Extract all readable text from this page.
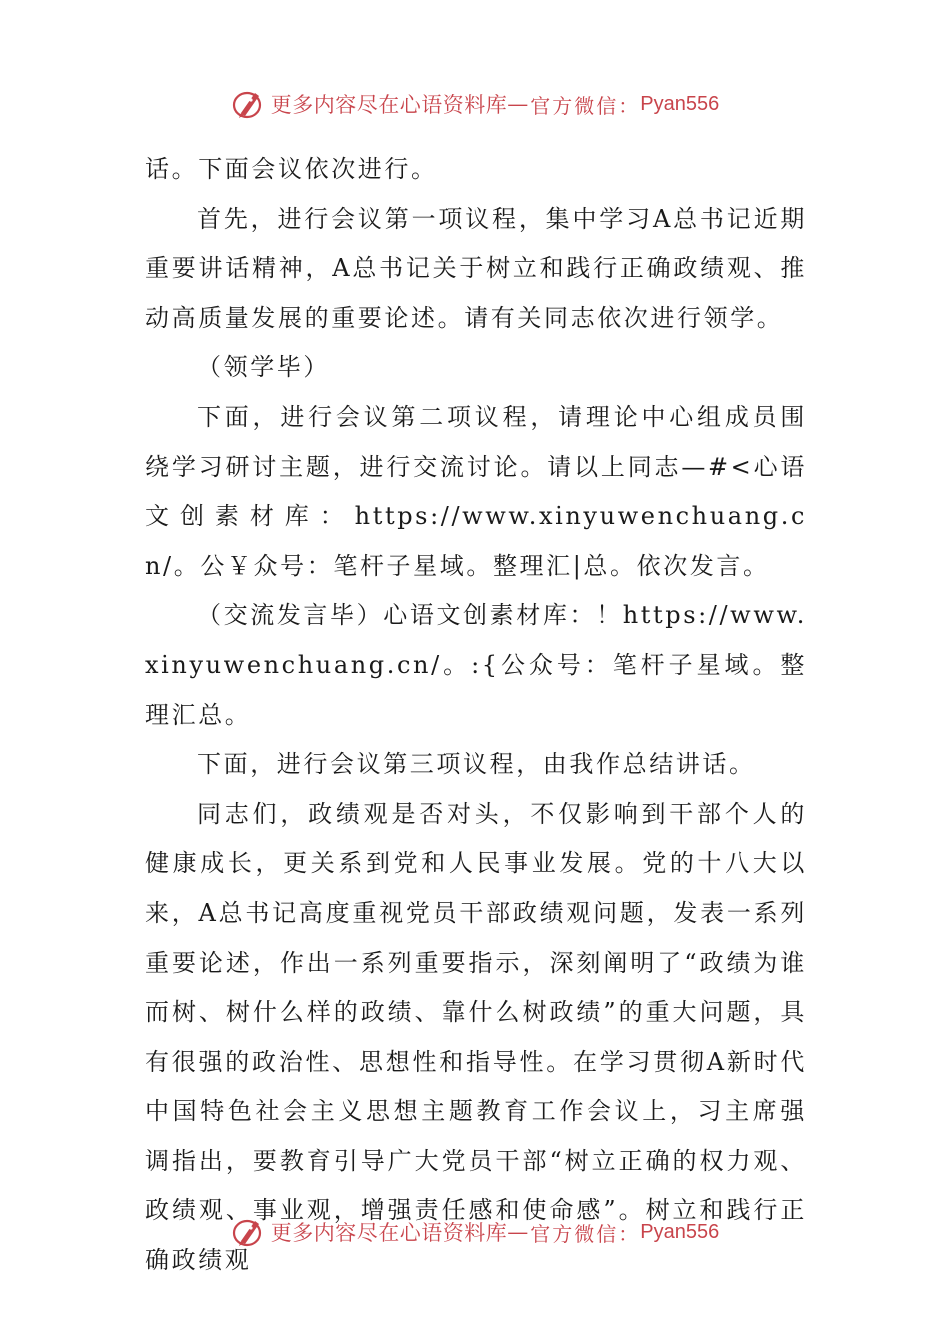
更多内容尽在心语资料库 — 官方微信： Pyan556

话。下面会议依次进行。

首先，进行会议第一项议程，集中学习A总书记近期重要讲话精神，A总书记关于树立和践行正确政绩观、推动高质量发展的重要论述。请有关同志依次进行领学。

（领学毕）

下面，进行会议第二项议程，请理论中心组成员围绕学习研讨主题，进行交流讨论。请以上同志—#<心语文创素材库：https://www.xinyuwenchuang.cn/。公￥众号：笔杆子星域。整理汇|总。依次发言。

（交流发言毕）心语文创素材库：！https://www.xinyuwenchuang.cn/。:{公众号：笔杆子星域。整理汇总。

下面，进行会议第三项议程，由我作总结讲话。

同志们，政绩观是否对头，不仅影响到干部个人的健康成长，更关系到党和人民事业发展。党的十八大以来，A总书记高度重视党员干部政绩观问题，发表一系列重要论述，作出一系列重要指示，深刻阐明了“政绩为谁而树、树什么样的政绩、靠什么树政绩”的重大问题，具有很强的政治性、思想性和指导性。在学习贯彻A新时代中国特色社会主义思想主题教育工作会议上，习主席强调指出，要教育引导广大党员干部“树立正确的权力观、政绩观、事业观，增强责任感和使命感”。树立和践行正确政绩观

更多内容尽在心语资料库 — 官方微信： Pyan556
